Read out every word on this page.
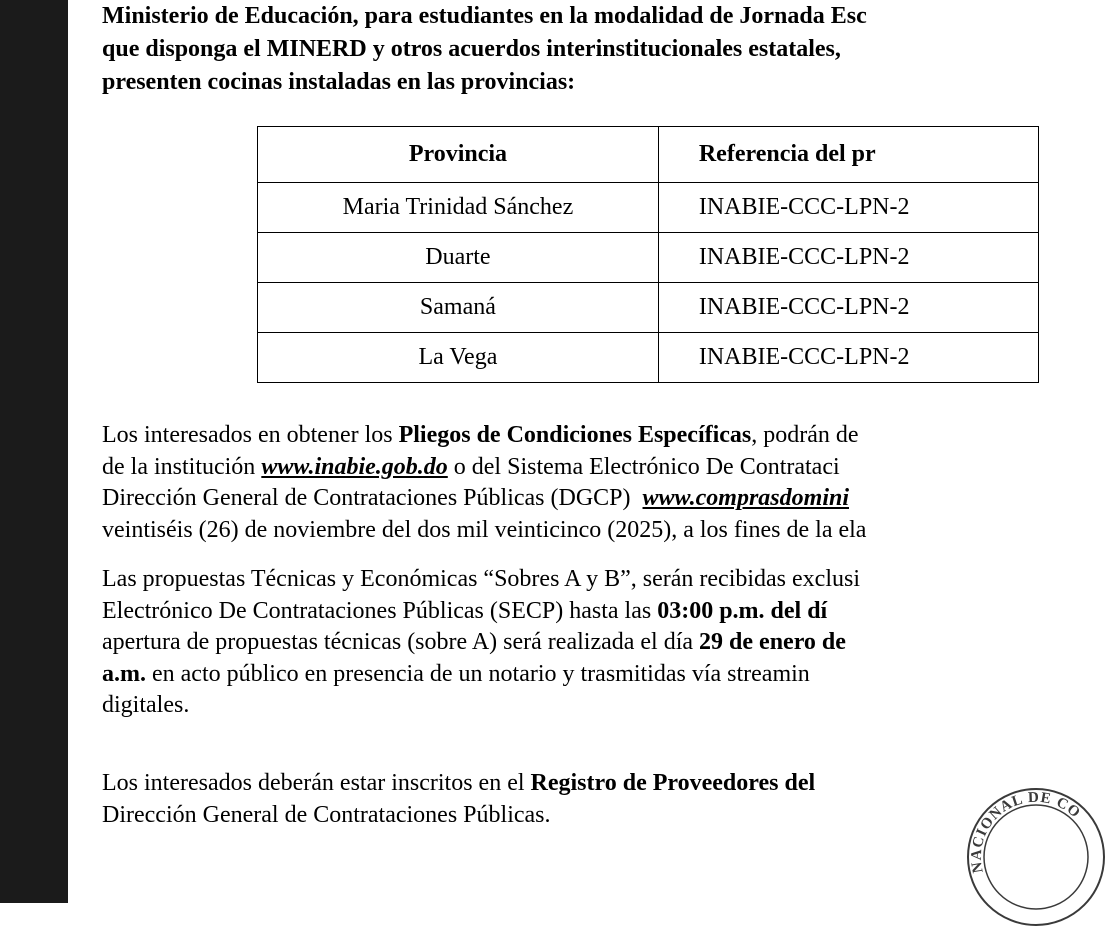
Ministerio de Educación, para estudiantes en la modalidad de Jornada Esc
que disponga el MINERD y otros acuerdos interinstitucionales estatales,
presenten cocinas instaladas en las provincias:
Provincia	Referencia del pr
Maria Trinidad Sánchez	INABIE-CCC-LPN-2
Duarte	INABIE-CCC-LPN-2
Samaná	INABIE-CCC-LPN-2
La Vega	INABIE-CCC-LPN-2
Los interesados en obtener los Pliegos de Condiciones Específicas, podrán de
de la institución www.inabie.gob.do o del Sistema Electrónico De Contrataci
Dirección General de Contrataciones Públicas (DGCP)  www.comprasdomini
veintiséis (26) de noviembre del dos mil veinticinco (2025), a los fines de la ela
Las propuestas Técnicas y Económicas “Sobres A y B”, serán recibidas exclusi
Electrónico De Contrataciones Públicas (SECP) hasta las 03:00 p.m. del dí
apertura de propuestas técnicas (sobre A) será realizada el día 29 de enero de
a.m. en acto público en presencia de un notario y trasmitidas vía streamin
digitales.
Los interesados deberán estar inscritos en el Registro de Proveedores del
Dirección General de Contrataciones Públicas.
NACIONAL DE CO
